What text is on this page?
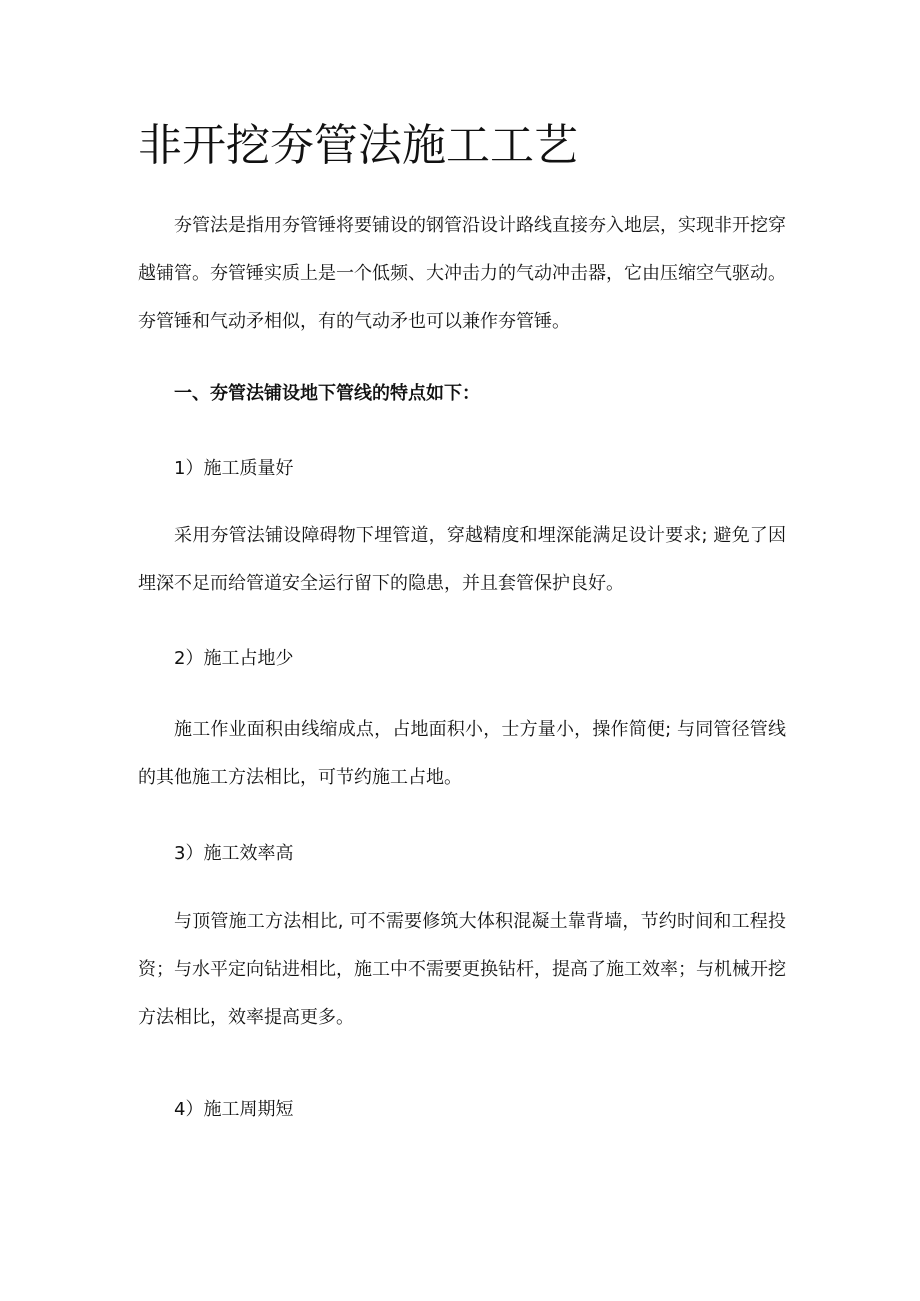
非开挖夯管法施工工艺

夯管法是指用夯管锤将要铺设的钢管沿设计路线直接夯入地层，实现非开挖穿越铺管。夯管锤实质上是一个低频、大冲击力的气动冲击器，它由压缩空气驱动。夯管锤和气动矛相似，有的气动矛也可以兼作夯管锤。

一、夯管法铺设地下管线的特点如下：

1）施工质量好

采用夯管法铺设障碍物下埋管道，穿越精度和埋深能满足设计要求; 避免了因埋深不足而给管道安全运行留下的隐患，并且套管保护良好。

2）施工占地少

施工作业面积由线缩成点，占地面积小，士方量小，操作简便; 与同管径管线的其他施工方法相比，可节约施工占地。

3）施工效率高

与顶管施工方法相比, 可不需要修筑大体积混凝土靠背墙，节约时间和工程投资；与水平定向钻进相比，施工中不需要更换钻杆，提高了施工效率；与机械开挖方法相比，效率提高更多。

4）施工周期短
